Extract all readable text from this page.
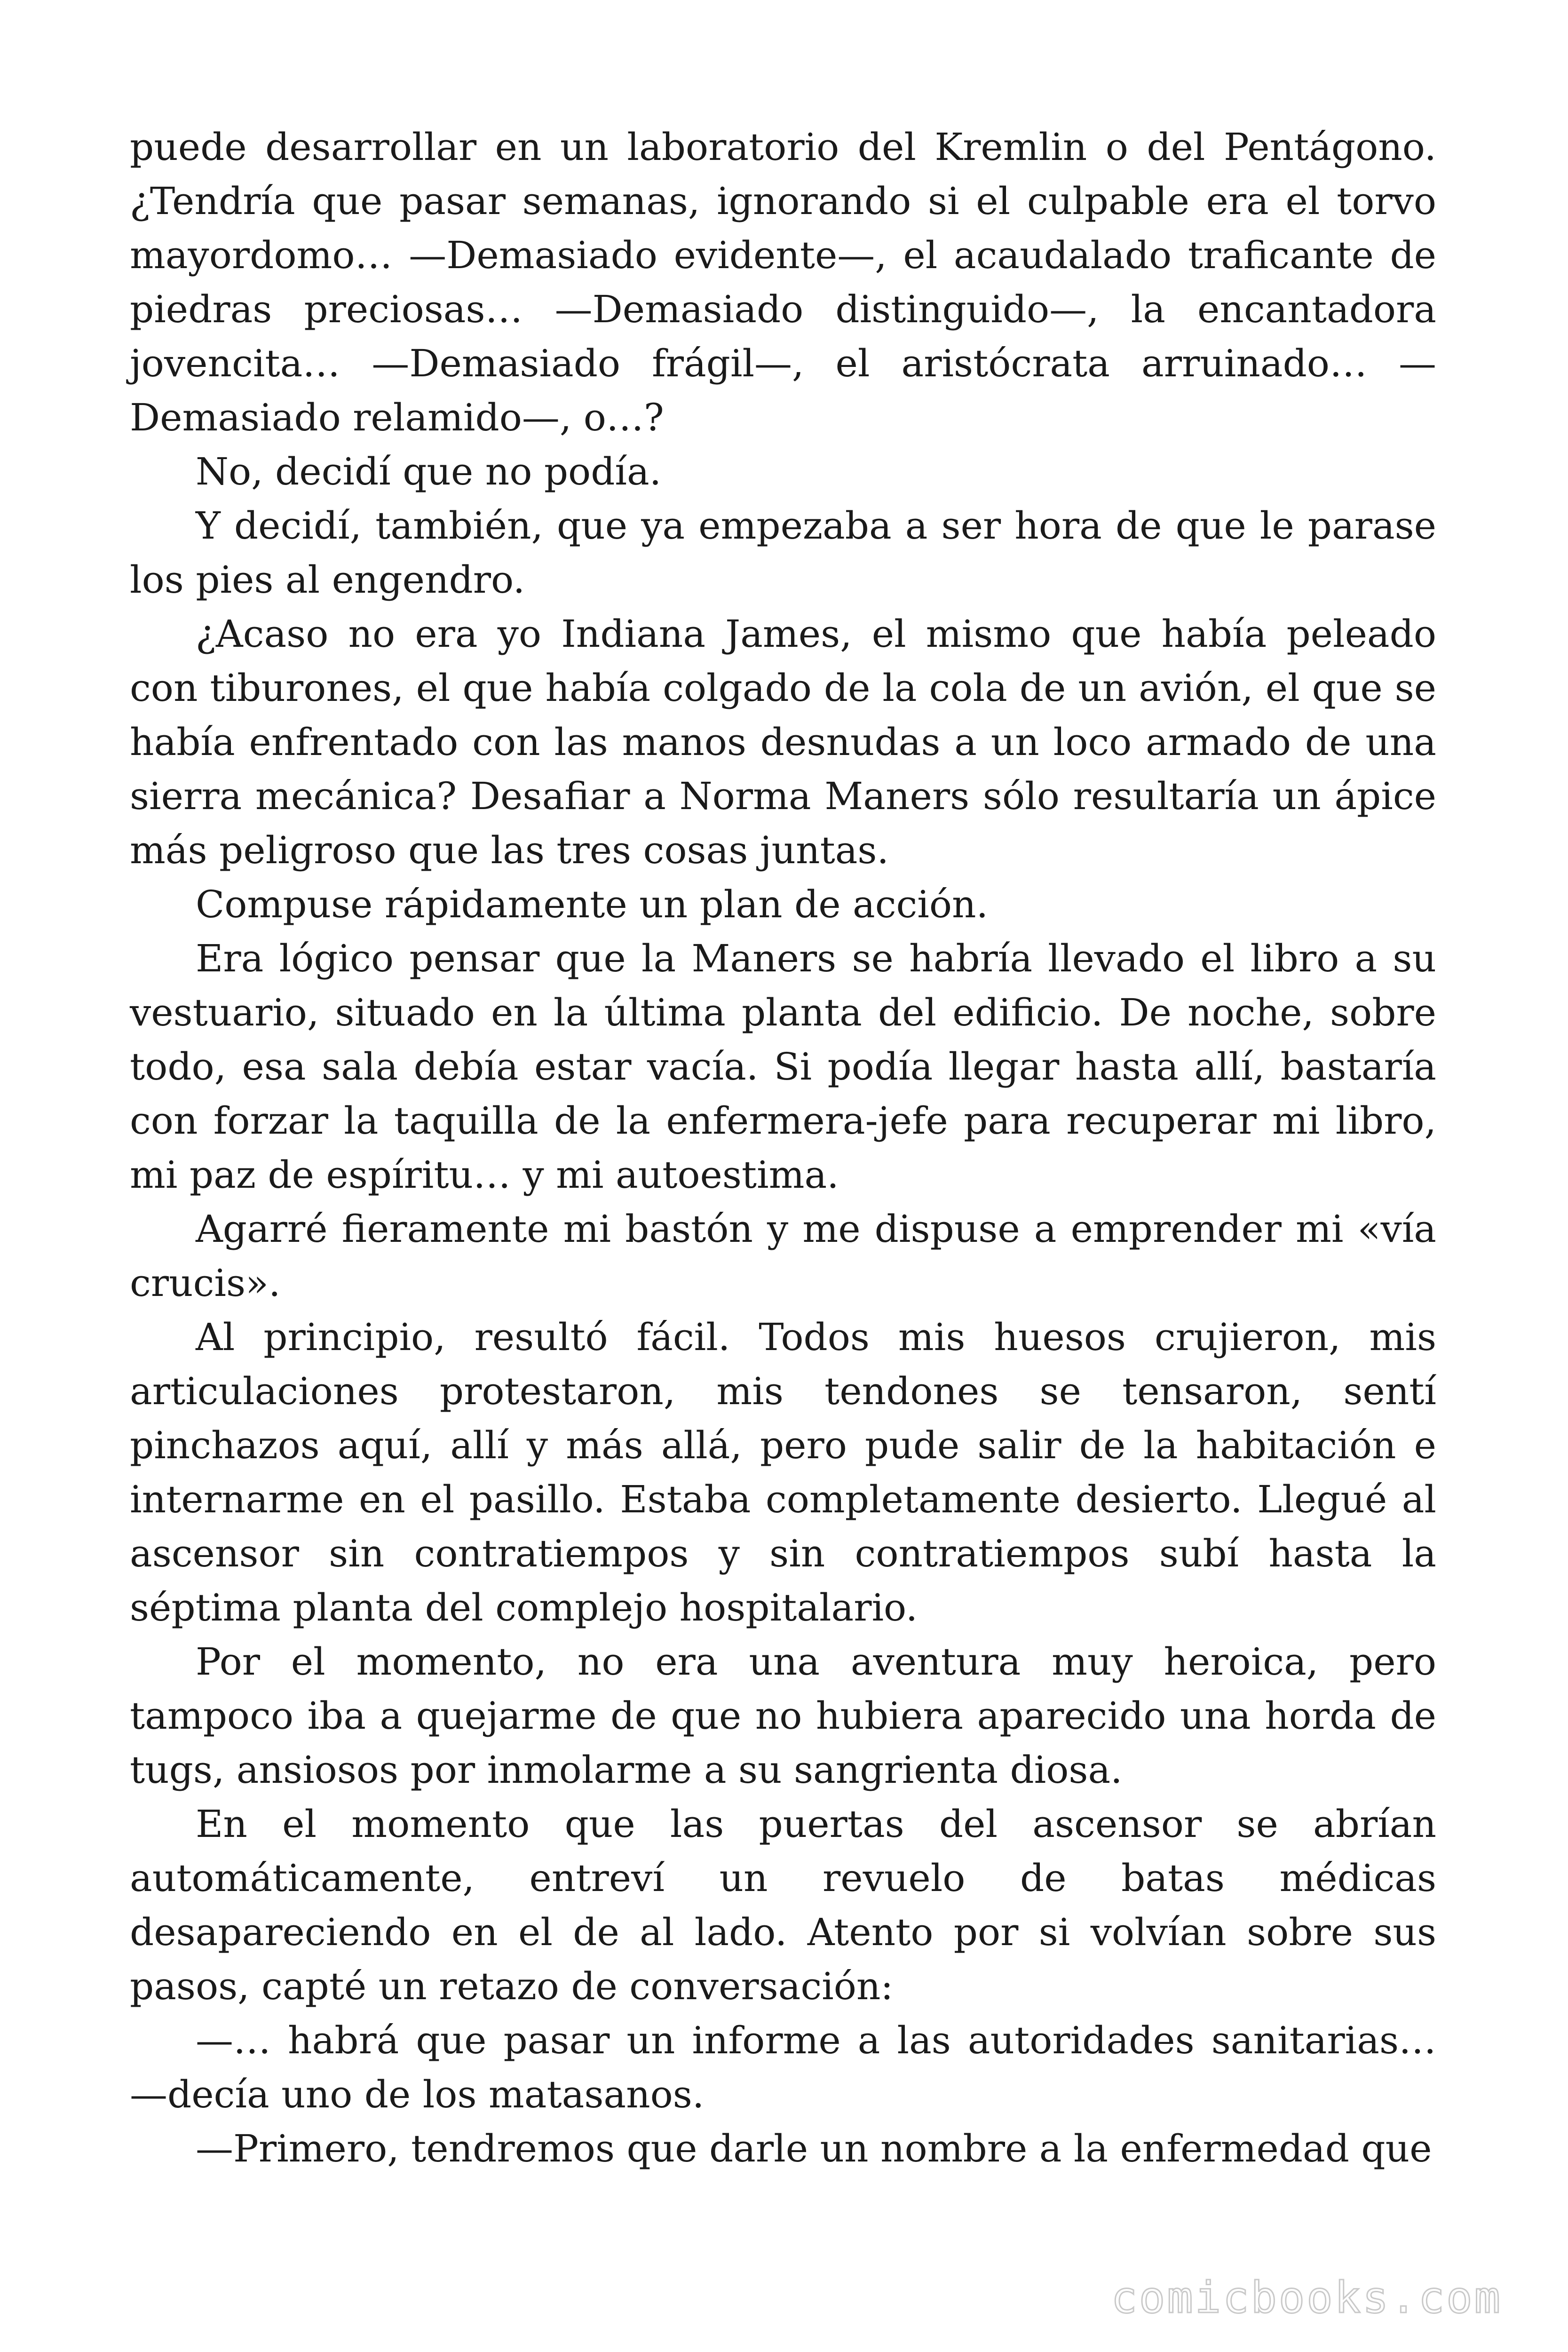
puede desarrollar en un laboratorio del Kremlin o del Pentágono. ¿Tendría que pasar semanas, ignorando si el culpable era el torvo mayordomo… —Demasiado evidente—, el acaudalado traficante de piedras preciosas… —Demasiado distinguido—, la encantadora jovencita… —Demasiado frágil—, el aristócrata arruinado… —Demasiado relamido—, o…?

No, decidí que no podía.

Y decidí, también, que ya empezaba a ser hora de que le parase los pies al engendro.

¿Acaso no era yo Indiana James, el mismo que había peleado con tiburones, el que había colgado de la cola de un avión, el que se había enfrentado con las manos desnudas a un loco armado de una sierra mecánica? Desafiar a Norma Maners sólo resultaría un ápice más peligroso que las tres cosas juntas.

Compuse rápidamente un plan de acción.

Era lógico pensar que la Maners se habría llevado el libro a su vestuario, situado en la última planta del edificio. De noche, sobre todo, esa sala debía estar vacía. Si podía llegar hasta allí, bastaría con forzar la taquilla de la enfermera-jefe para recuperar mi libro, mi paz de espíritu… y mi autoestima.

Agarré fieramente mi bastón y me dispuse a emprender mi «vía crucis».

Al principio, resultó fácil. Todos mis huesos crujieron, mis articulaciones protestaron, mis tendones se tensaron, sentí pinchazos aquí, allí y más allá, pero pude salir de la habitación e internarme en el pasillo. Estaba completamente desierto. Llegué al ascensor sin contratiempos y sin contratiempos subí hasta la séptima planta del complejo hospitalario.

Por el momento, no era una aventura muy heroica, pero tampoco iba a quejarme de que no hubiera aparecido una horda de tugs, ansiosos por inmolarme a su sangrienta diosa.

En el momento que las puertas del ascensor se abrían automáticamente, entreví un revuelo de batas médicas desapareciendo en el de al lado. Atento por si volvían sobre sus pasos, capté un retazo de conversación:

—… habrá que pasar un informe a las autoridades sanitarias… —decía uno de los matasanos.

—Primero, tendremos que darle un nombre a la enfermedad que

comicbooks.com
